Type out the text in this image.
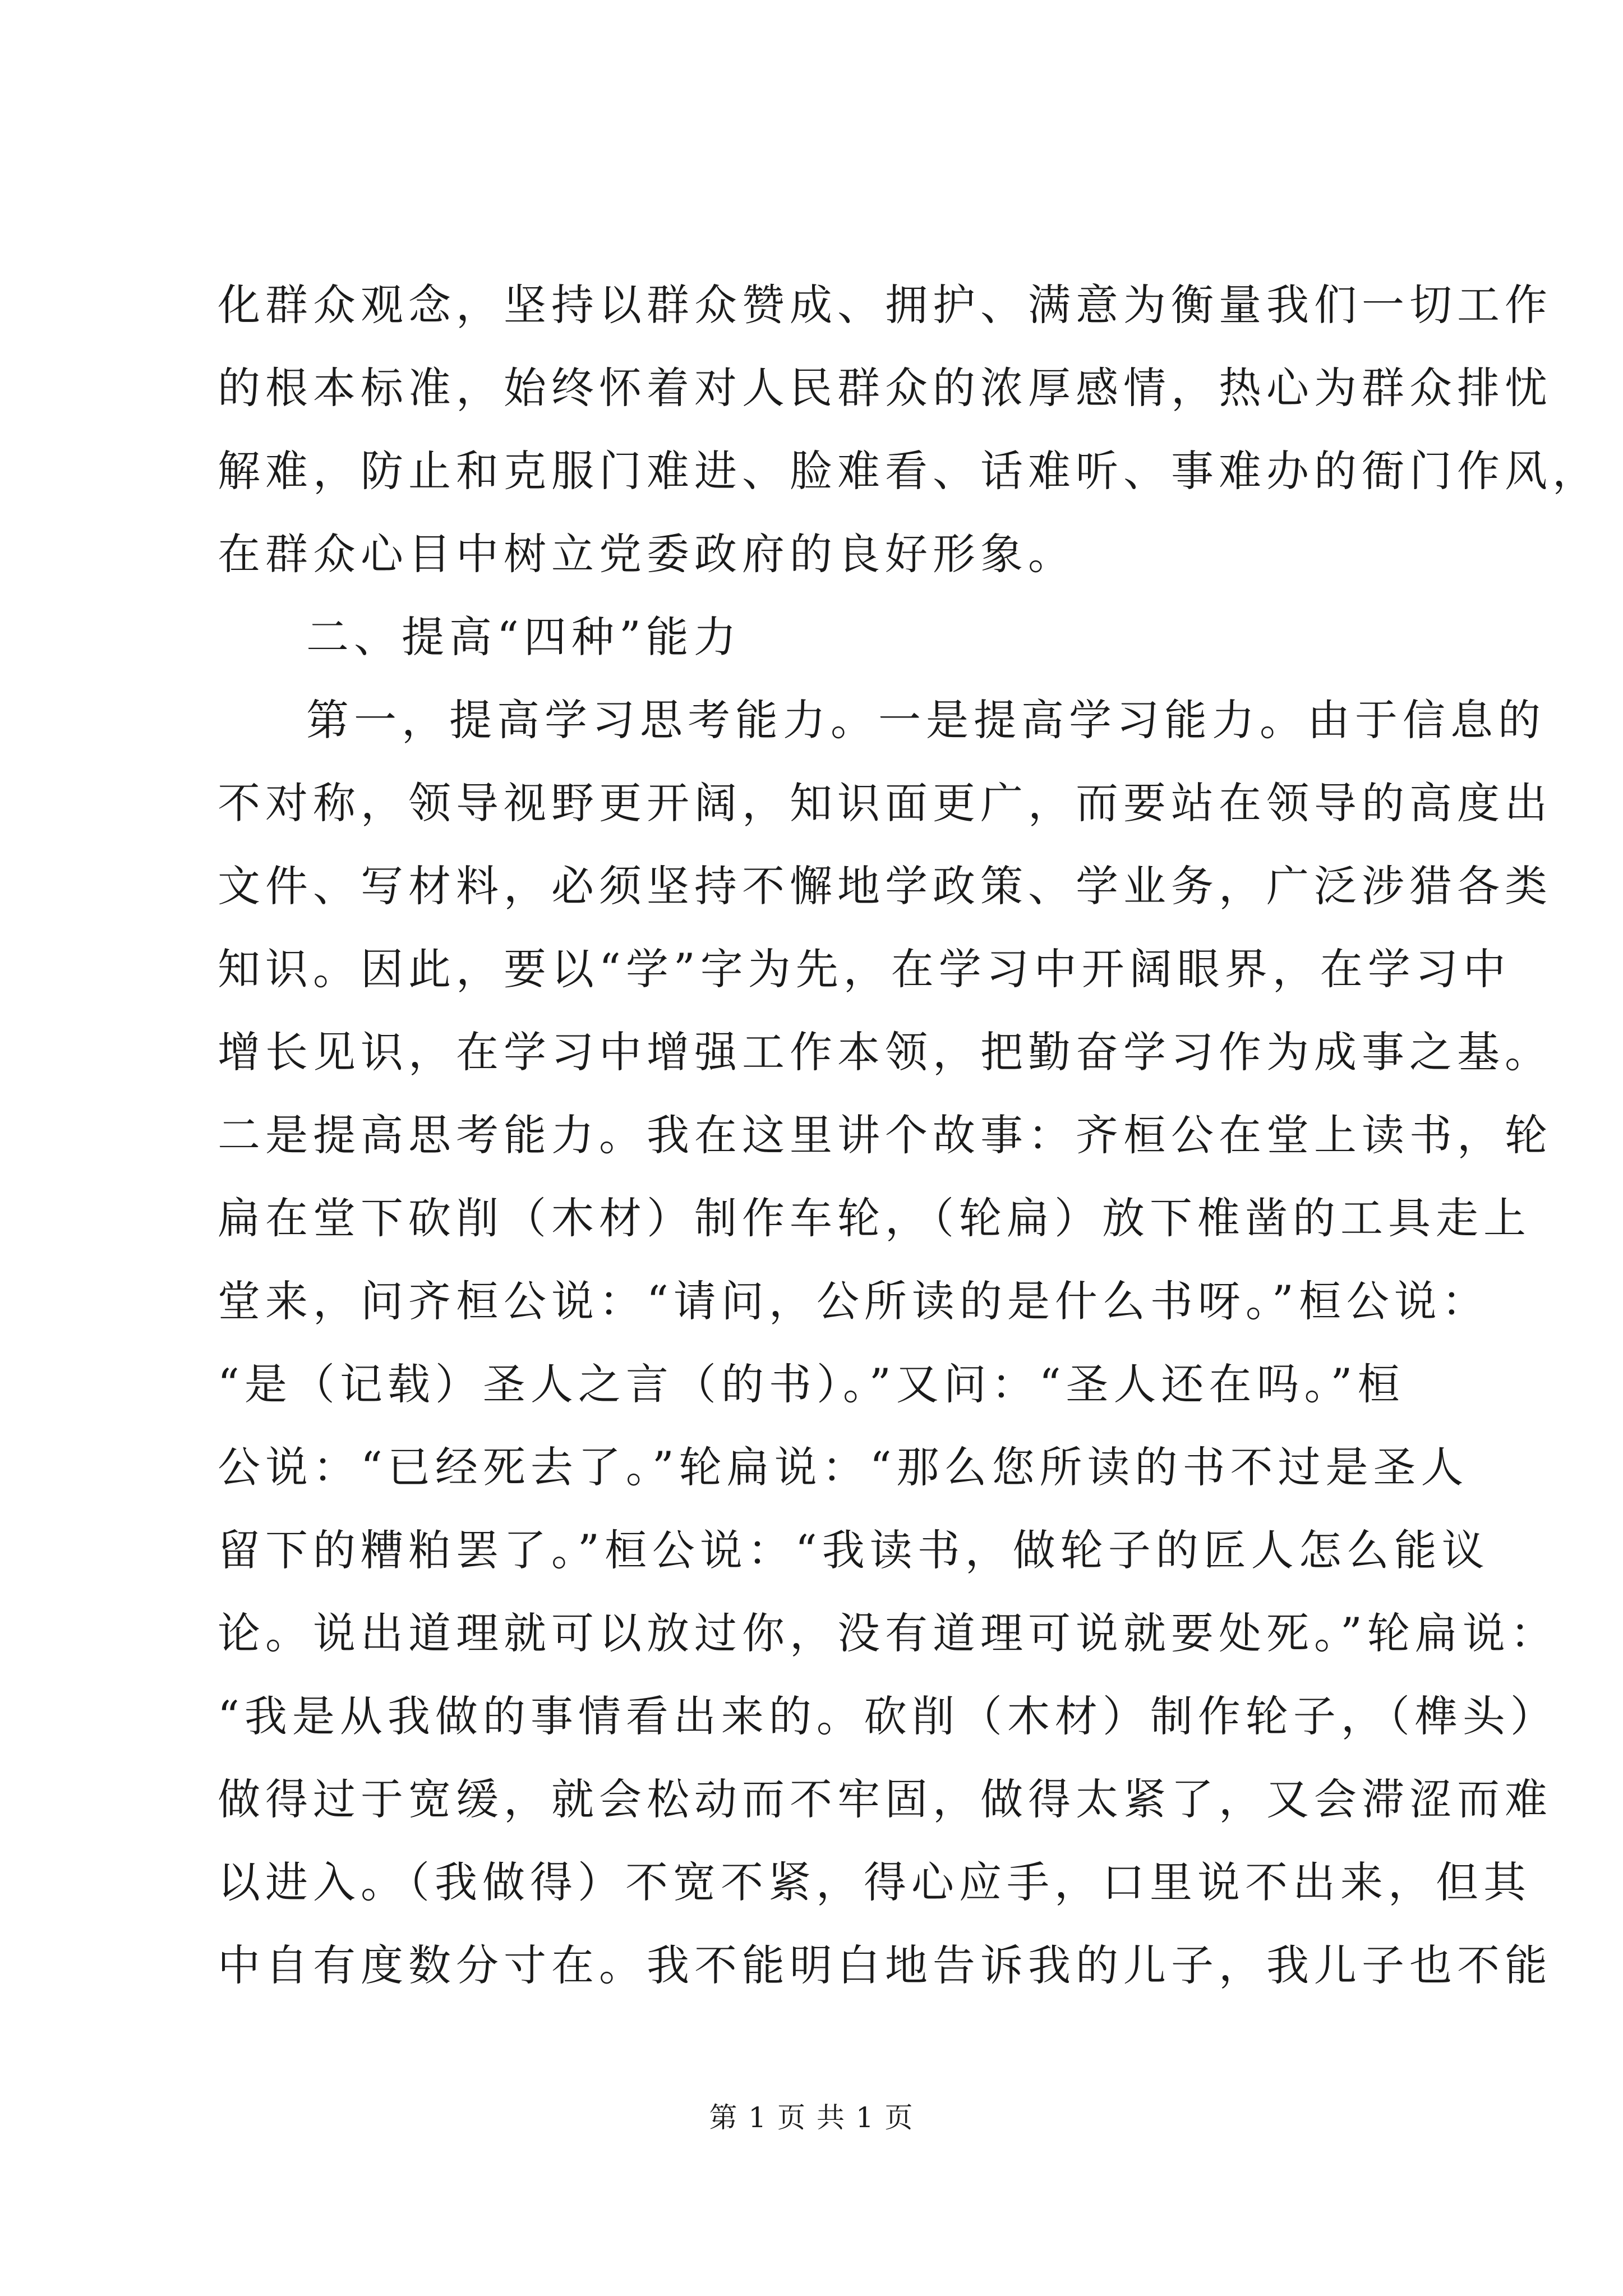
化群众观念，坚持以群众赞成、拥护、满意为衡量我们一切工作
的根本标准，始终怀着对人民群众的浓厚感情，热心为群众排忧
解难，防止和克服门难进、脸难看、话难听、事难办的衙门作风，
在群众心目中树立党委政府的良好形象。
二、提高“四种”能力
第一，提高学习思考能力。一是提高学习能力。由于信息的
不对称，领导视野更开阔，知识面更广，而要站在领导的高度出
文件、写材料，必须坚持不懈地学政策、学业务，广泛涉猎各类
知识。因此，要以“学”字为先，在学习中开阔眼界，在学习中
增长见识，在学习中增强工作本领，把勤奋学习作为成事之基。
二是提高思考能力。我在这里讲个故事：齐桓公在堂上读书，轮
扁在堂下砍削（木材）制作车轮，（轮扁）放下椎凿的工具走上
堂来，问齐桓公说：“请问，公所读的是什么书呀。”桓公说：
“是（记载）圣人之言（的书）。”又问：“圣人还在吗。”桓
公说：“已经死去了。”轮扁说：“那么您所读的书不过是圣人
留下的糟粕罢了。”桓公说：“我读书，做轮子的匠人怎么能议
论。说出道理就可以放过你，没有道理可说就要处死。”轮扁说：
“我是从我做的事情看出来的。砍削（木材）制作轮子，（榫头）
做得过于宽缓，就会松动而不牢固，做得太紧了，又会滞涩而难
以进入。（我做得）不宽不紧，得心应手，口里说不出来，但其
中自有度数分寸在。我不能明白地告诉我的儿子，我儿子也不能
第 1 页 共 1 页
